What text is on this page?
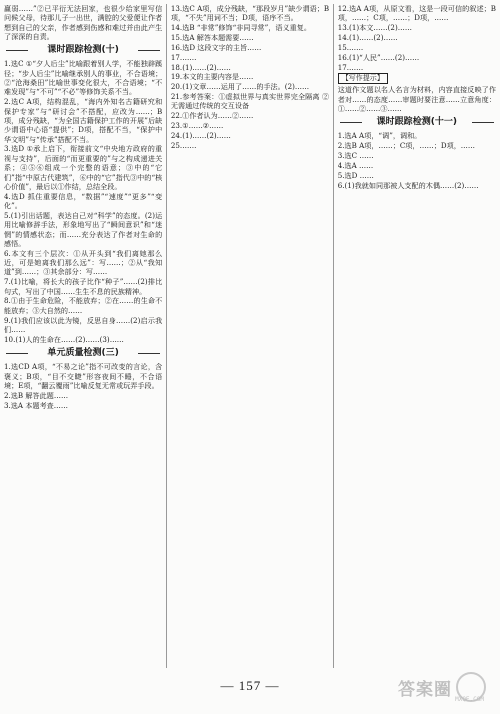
赢弱……”②已平衍无法回家，也很少给家里写信问候父母，待那儿子一出世，满腔的父爱便让作者想到自己的父亲，作者感到伤感和难过并由此产生了深深的自责。

课时跟踪检测(十)

1.选C ①“夕人后尘”比喻跟着别人学，不能独辟蹊径；“步人后尘”比喻继承别人的事业，不合语境；②“沧海桑田”比喻世事变化很大，不合语境；“不难发现”与“不可”“不必”等修饰关系不当。

2.选C A项，结构混乱，“海内外知名古籍研究和保护专家”与“研讨会”不搭配，应改为……；B项，成分残缺，“为全国古籍保护工作的开展”后缺少谓语中心语“提供”；D项，搭配不当，“保护中华文明”与“传承”搭配不当。

3.选D ①承上启下，衔接前文“中央地方政府的重视与支持”，后面的“而更重要的”与之构成递进关系；④⑤⑥组成一个完整的语意；③中的“它们”指“中原古代建筑”，⑥中的“它”指代③中的“核心价值”，最后以①作结，总结全段。

4.选D 抓住重要信息，“数据”“速度”“更多”“变化”。

5.(1)引出话题，表达自己对“科学”的态度。(2)运用比喻修辞手法，形象地写出了“瞬间意识”和“迷惘”的情感状态；而……充分表达了作者对生命的感悟。

6.本文有三个层次：①从开头到“我们离她那么近，可是她离我们那么远”：写……；②从“我知道”到……；③其余部分：写……

7.(1)比喻，将长大的孩子比作“种子”……(2)排比句式，写出了中国……生生不息的民族精神。

8.①由于生命危险，不能放弃；②在……的生命不能放弃；③大自然的……

9.(1)我们应该以此为镜，反思自身……(2)启示我们……

10.(1)人的生命在……(2)……(3)……

单元质量检测(三)

1.选CD A项，“不易之论”指不可改变的言论，含褒义；B项，“目不交睫”形容夜间不睡，不合语境；E项，“翻云覆雨”比喻反复无常或玩弄手段。

2.选B 解答此题……

3.选A 本题考查……

13.选C A项，成分残缺，“那段岁月”缺少谓语；B项，“不失”用词不当；D项，语序不当。

14.选B “非常”修饰“非同寻常”，语义重复。

15.选A 解答本题需要……

16.选D 这段文字的主旨……

17.……

18.(1)……(2)……

19.本文的主要内容是……

20.(1)文章……运用了……的手法。(2)……

21.参考答案：①虚拟世界与真实世界完全隔离 ②无需通过传统的交互设备

22.①作者认为……②……

23.①……②……

24.(1)……(2)……

25.……

12.选A A项，从原文看，这是一段可信的叙述；B项，……；C项，……；D项，……

13.(1)本文……(2)……

14.(1)……(2)……

15.……

16.(1)“人民”……(2)……

17.……

【写作提示】

这道作文题以名人名言为材料，内容直接反映了作者对……的态度……审题时要注意……立意角度：①……②……③……

课时跟踪检测(十一)

1.选A A项，“调”，调和。

2.选B A项，……；C项，……；D项，……

3.选C ……

4.选A ……

5.选D ……

6.(1)我就如同那被人支配的木偶……(2)……

— 157 —	答案圈 MXQE.COM
